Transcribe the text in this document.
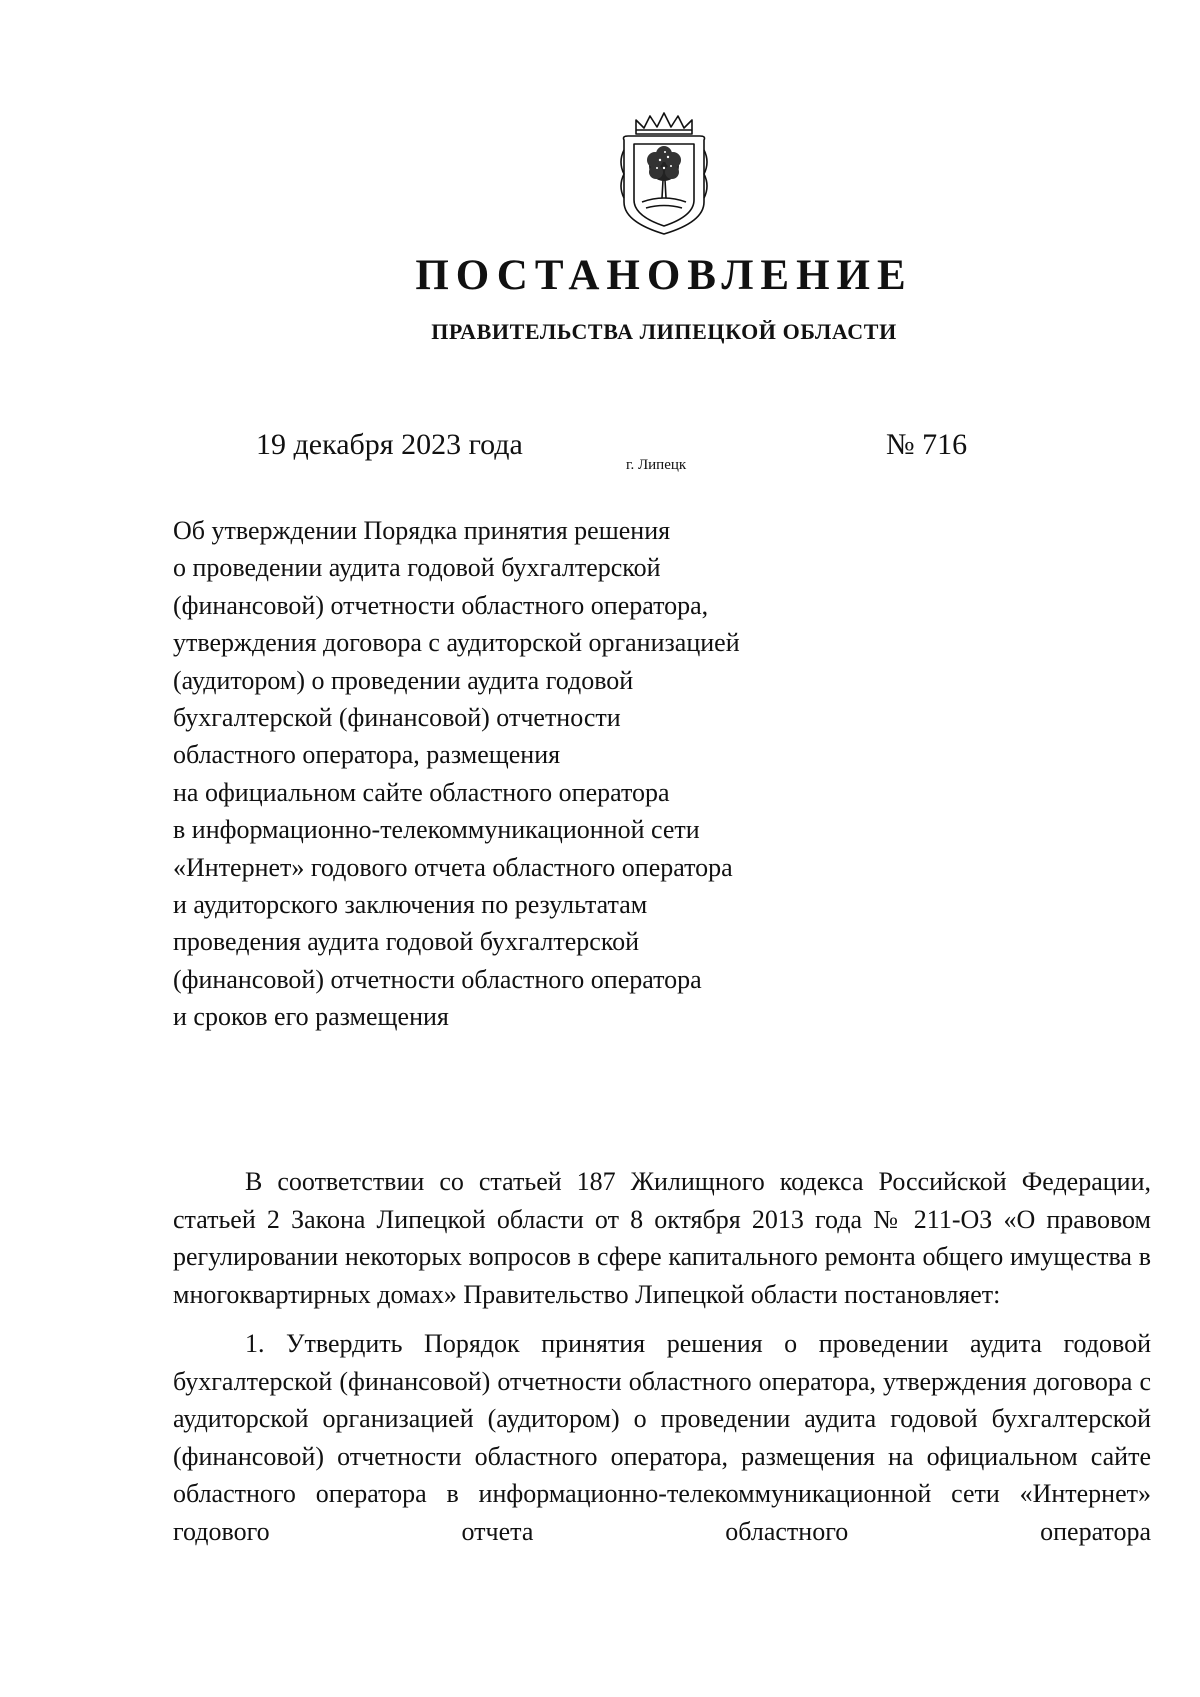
ПОСТАНОВЛЕНИЕ
ПРАВИТЕЛЬСТВА ЛИПЕЦКОЙ ОБЛАСТИ
19 декабря 2023 года
г. Липецк
№ 716
Об утверждении Порядка принятия решения
о проведении аудита годовой бухгалтерской
(финансовой) отчетности областного оператора,
утверждения договора с аудиторской организацией
(аудитором) о проведении аудита годовой
бухгалтерской (финансовой) отчетности
областного оператора, размещения
на официальном сайте областного оператора
в информационно-телекоммуникационной сети
«Интернет» годового отчета областного оператора
и аудиторского заключения по результатам
проведения аудита годовой бухгалтерской
(финансовой) отчетности областного оператора
и сроков его размещения

В соответствии со статьей 187 Жилищного кодекса Российской Федерации, статьей 2 Закона Липецкой области от 8 октября 2013 года № 211-ОЗ «О правовом регулировании некоторых вопросов в сфере капитального ремонта общего имущества в многоквартирных домах» Правительство Липецкой области постановляет:

1. Утвердить Порядок принятия решения о проведении аудита годовой бухгалтерской (финансовой) отчетности областного оператора, утверждения договора с аудиторской организацией (аудитором) о проведении аудита годовой бухгалтерской (финансовой) отчетности областного оператора, размещения на официальном сайте областного оператора в информационно-телекоммуникационной сети «Интернет» годового отчета областного оператора
